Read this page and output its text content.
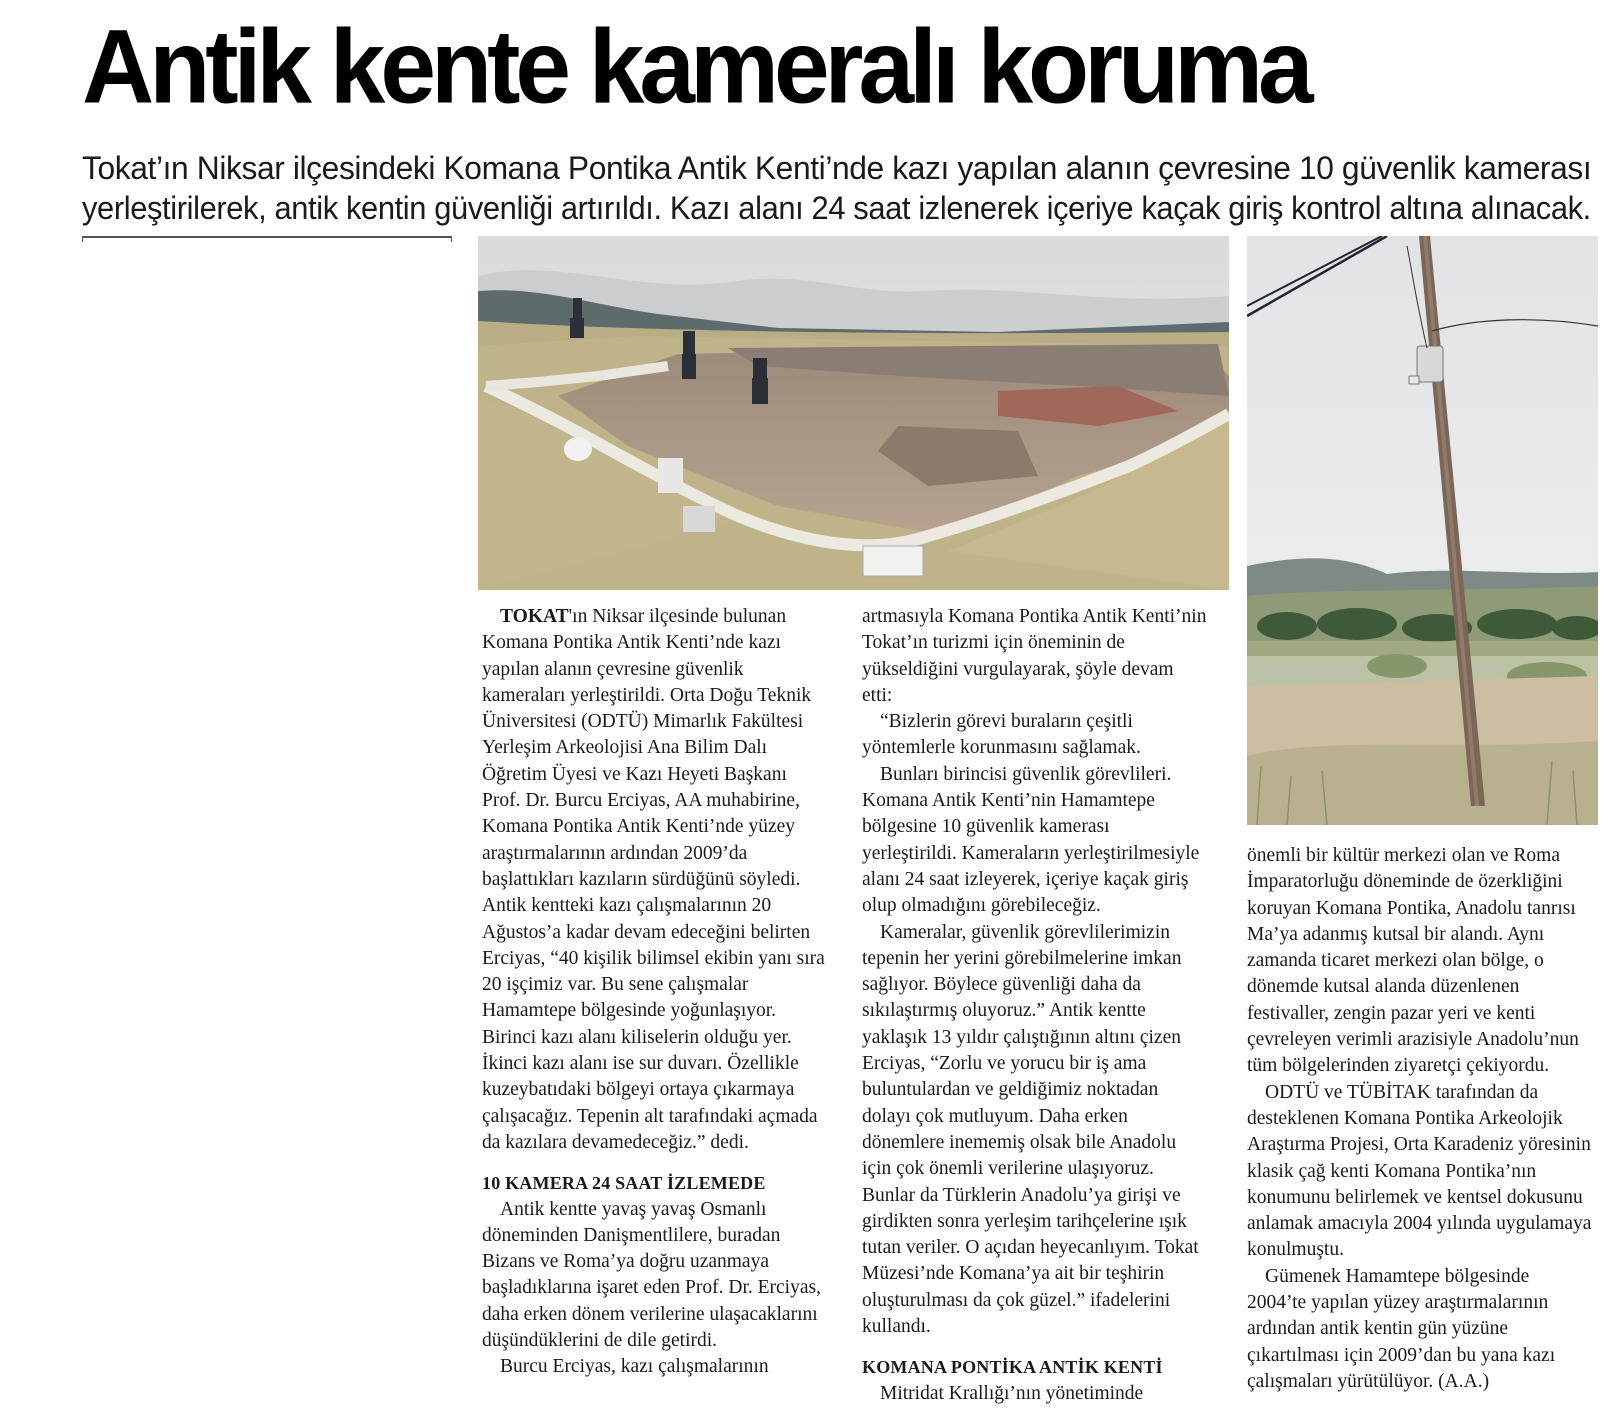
Antik kente kameralı koruma

Tokat’ın Niksar ilçesindeki Komana Pontika Antik Kenti’nde kazı yapılan alanın çevresine 10 güvenlik kamerası

yerleştirilerek, antik kentin güvenliği artırıldı. Kazı alanı 24 saat izlenerek içeriye kaçak giriş kontrol altına alınacak.

TOKAT'ın Niksar ilçesinde bulunan Komana Pontika Antik Kenti’nde kazı yapılan alanın çevresine güvenlik kameraları yerleştirildi. Orta Doğu Teknik Üniversitesi (ODTÜ) Mimarlık Fakültesi Yerleşim Arkeolojisi Ana Bilim Dalı Öğretim Üyesi ve Kazı Heyeti Başkanı Prof. Dr. Burcu Erciyas, AA muhabirine, Komana Pontika Antik Kenti’nde yüzey araştırmalarının ardından 2009’da başlattıkları kazıların sürdüğünü söyledi. Antik kentteki kazı çalışmalarının 20 Ağustos’a kadar devam edeceğini belirten Erciyas, “40 kişilik bilimsel ekibin yanı sıra 20 işçimiz var. Bu sene çalışmalar Hamamtepe bölgesinde yoğunlaşıyor. Birinci kazı alanı kiliselerin olduğu yer. İkinci kazı alanı ise sur duvarı. Özellikle kuzeybatıdaki bölgeyi ortaya çıkarmaya çalışacağız. Tepenin alt tarafındaki açmada da kazılara devamedeceğiz.” dedi.

10 KAMERA 24 SAAT İZLEMEDE

Antik kentte yavaş yavaş Osmanlı döneminden Danişmentlilere, buradan Bizans ve Roma’ya doğru uzanmaya başladıklarına işaret eden Prof. Dr. Erciyas, daha erken dönem verilerine ulaşacaklarını düşündüklerini de dile getirdi.

Burcu Erciyas, kazı çalışmalarının

artmasıyla Komana Pontika Antik Kenti’nin Tokat’ın turizmi için öneminin de yükseldiğini vurgulayarak, şöyle devam etti:

“Bizlerin görevi buraların çeşitli yöntemlerle korunmasını sağlamak.

Bunları birincisi güvenlik görevlileri. Komana Antik Kenti’nin Hamamtepe bölgesine 10 güvenlik kamerası yerleştirildi. Kameraların yerleştirilmesiyle alanı 24 saat izleyerek, içeriye kaçak giriş olup olmadığını görebileceğiz.

Kameralar, güvenlik görevlilerimizin tepenin her yerini görebilmelerine imkan sağlıyor. Böylece güvenliği daha da sıkılaştırmış oluyoruz.” Antik kentte yaklaşık 13 yıldır çalıştığının altını çizen Erciyas, “Zorlu ve yorucu bir iş ama buluntulardan ve geldiğimiz noktadan dolayı çok mutluyum. Daha erken dönemlere inememiş olsak bile Anadolu için çok önemli verilerine ulaşıyoruz. Bunlar da Türklerin Anadolu’ya girişi ve girdikten sonra yerleşim tarihçelerine ışık tutan veriler. O açıdan heyecanlıyım. Tokat Müzesi’nde Komana’ya ait bir teşhirin oluşturulması da çok güzel.” ifadelerini kullandı.

KOMANA PONTİKA ANTİK KENTİ

Mitridat Krallığı’nın yönetiminde

önemli bir kültür merkezi olan ve Roma İmparatorluğu döneminde de özerkliğini koruyan Komana Pontika, Anadolu tanrısı Ma’ya adanmış kutsal bir alandı. Aynı zamanda ticaret merkezi olan bölge, o dönemde kutsal alanda düzenlenen festivaller, zengin pazar yeri ve kenti çevreleyen verimli arazisiyle Anadolu’nun tüm bölgelerinden ziyaretçi çekiyordu.

ODTÜ ve TÜBİTAK tarafından da desteklenen Komana Pontika Arkeolojik Araştırma Projesi, Orta Karadeniz yöresinin klasik çağ kenti Komana Pontika’nın konumunu belirlemek ve kentsel dokusunu anlamak amacıyla 2004 yılında uygulamaya konulmuştu.

Gümenek Hamamtepe bölgesinde 2004’te yapılan yüzey araştırmalarının ardından antik kentin gün yüzüne çıkartılması için 2009’dan bu yana kazı çalışmaları yürütülüyor. (A.A.)
